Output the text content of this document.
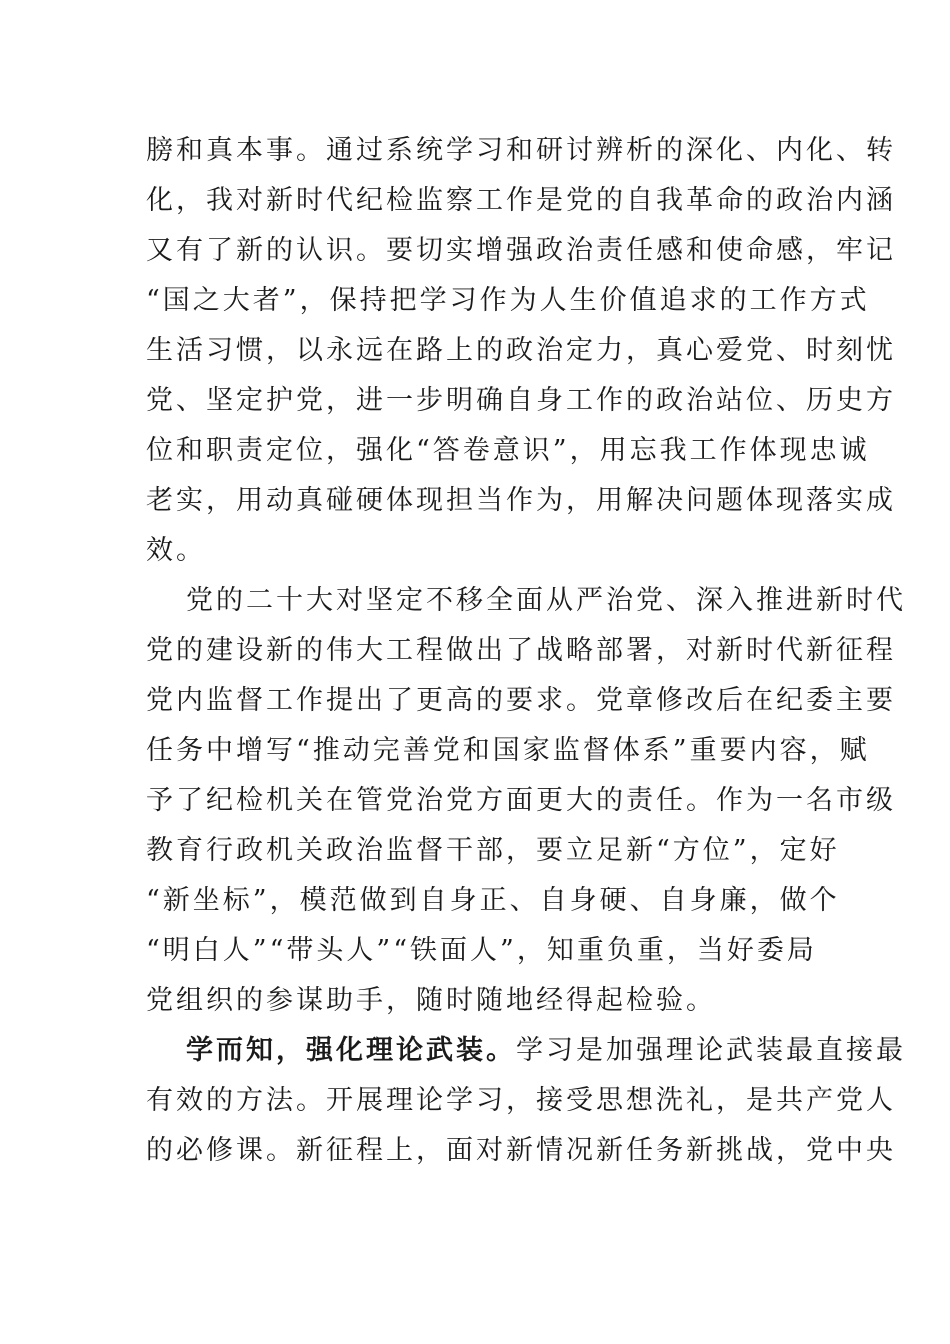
膀和真本事。通过系统学习和研讨辨析的深化、内化、转
化，我对新时代纪检监察工作是党的自我革命的政治内涵
又有了新的认识。要切实增强政治责任感和使命感，牢记
“国之大者”，保持把学习作为人生价值追求的工作方式
生活习惯，以永远在路上的政治定力，真心爱党、时刻忧
党、坚定护党，进一步明确自身工作的政治站位、历史方
位和职责定位，强化“答卷意识”，用忘我工作体现忠诚
老实，用动真碰硬体现担当作为，用解决问题体现落实成
效。
党的二十大对坚定不移全面从严治党、深入推进新时代
党的建设新的伟大工程做出了战略部署，对新时代新征程
党内监督工作提出了更高的要求。党章修改后在纪委主要
任务中增写“推动完善党和国家监督体系”重要内容，赋
予了纪检机关在管党治党方面更大的责任。作为一名市级
教育行政机关政治监督干部，要立足新“方位”，定好
“新坐标”，模范做到自身正、自身硬、自身廉，做个
“明白人”“带头人”“铁面人”，知重负重，当好委局
党组织的参谋助手，随时随地经得起检验。
学而知，强化理论武装。学习是加强理论武装最直接最
有效的方法。开展理论学习，接受思想洗礼，是共产党人
的必修课。新征程上，面对新情况新任务新挑战，党中央
